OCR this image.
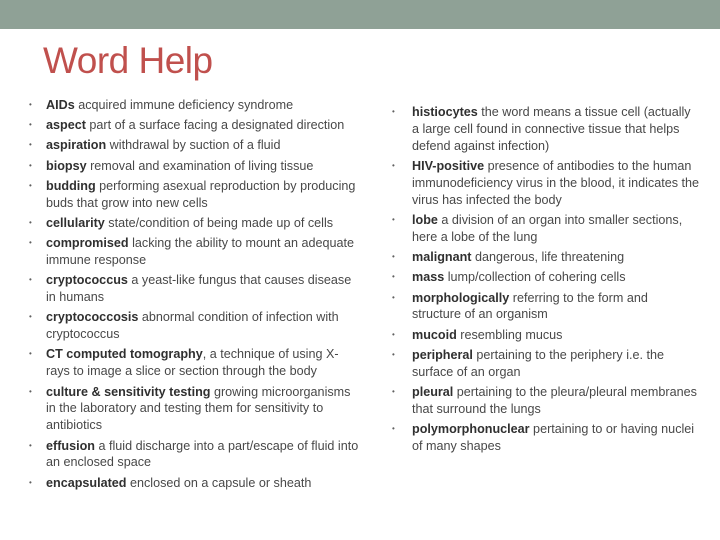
Word Help
• AIDs acquired immune deficiency syndrome
• aspect part of a surface facing a designated direction
• aspiration withdrawal by suction of a fluid
• biopsy removal and examination of living tissue
• budding performing asexual reproduction by producing buds that grow into new cells
• cellularity state/condition of being made up of cells
• compromised lacking the ability to mount an adequate immune response
• cryptococcus a yeast-like fungus that causes disease in humans
• cryptococcosis abnormal condition of infection with cryptococcus
• CT computed tomography, a technique of using X-rays to image a slice or section through the body
• culture & sensitivity testing growing microorganisms in the laboratory and testing them for sensitivity to antibiotics
• effusion a fluid discharge into a part/escape of fluid into an enclosed space
• encapsulated enclosed on a capsule or sheath
• histiocytes the word means a tissue cell (actually a large cell found in connective tissue that helps defend against infection)
• HIV-positive presence of antibodies to the human immunodeficiency virus in the blood, it indicates the virus has infected the body
• lobe a division of an organ into smaller sections, here a lobe of the lung
• malignant dangerous, life threatening
• mass lump/collection of cohering cells
• morphologically referring to the form and structure of an organism
• mucoid resembling mucus
• peripheral pertaining to the periphery i.e. the surface of an organ
• pleural pertaining to the pleura/pleural membranes that surround the lungs
• polymorphonuclear pertaining to or having nuclei of many shapes
